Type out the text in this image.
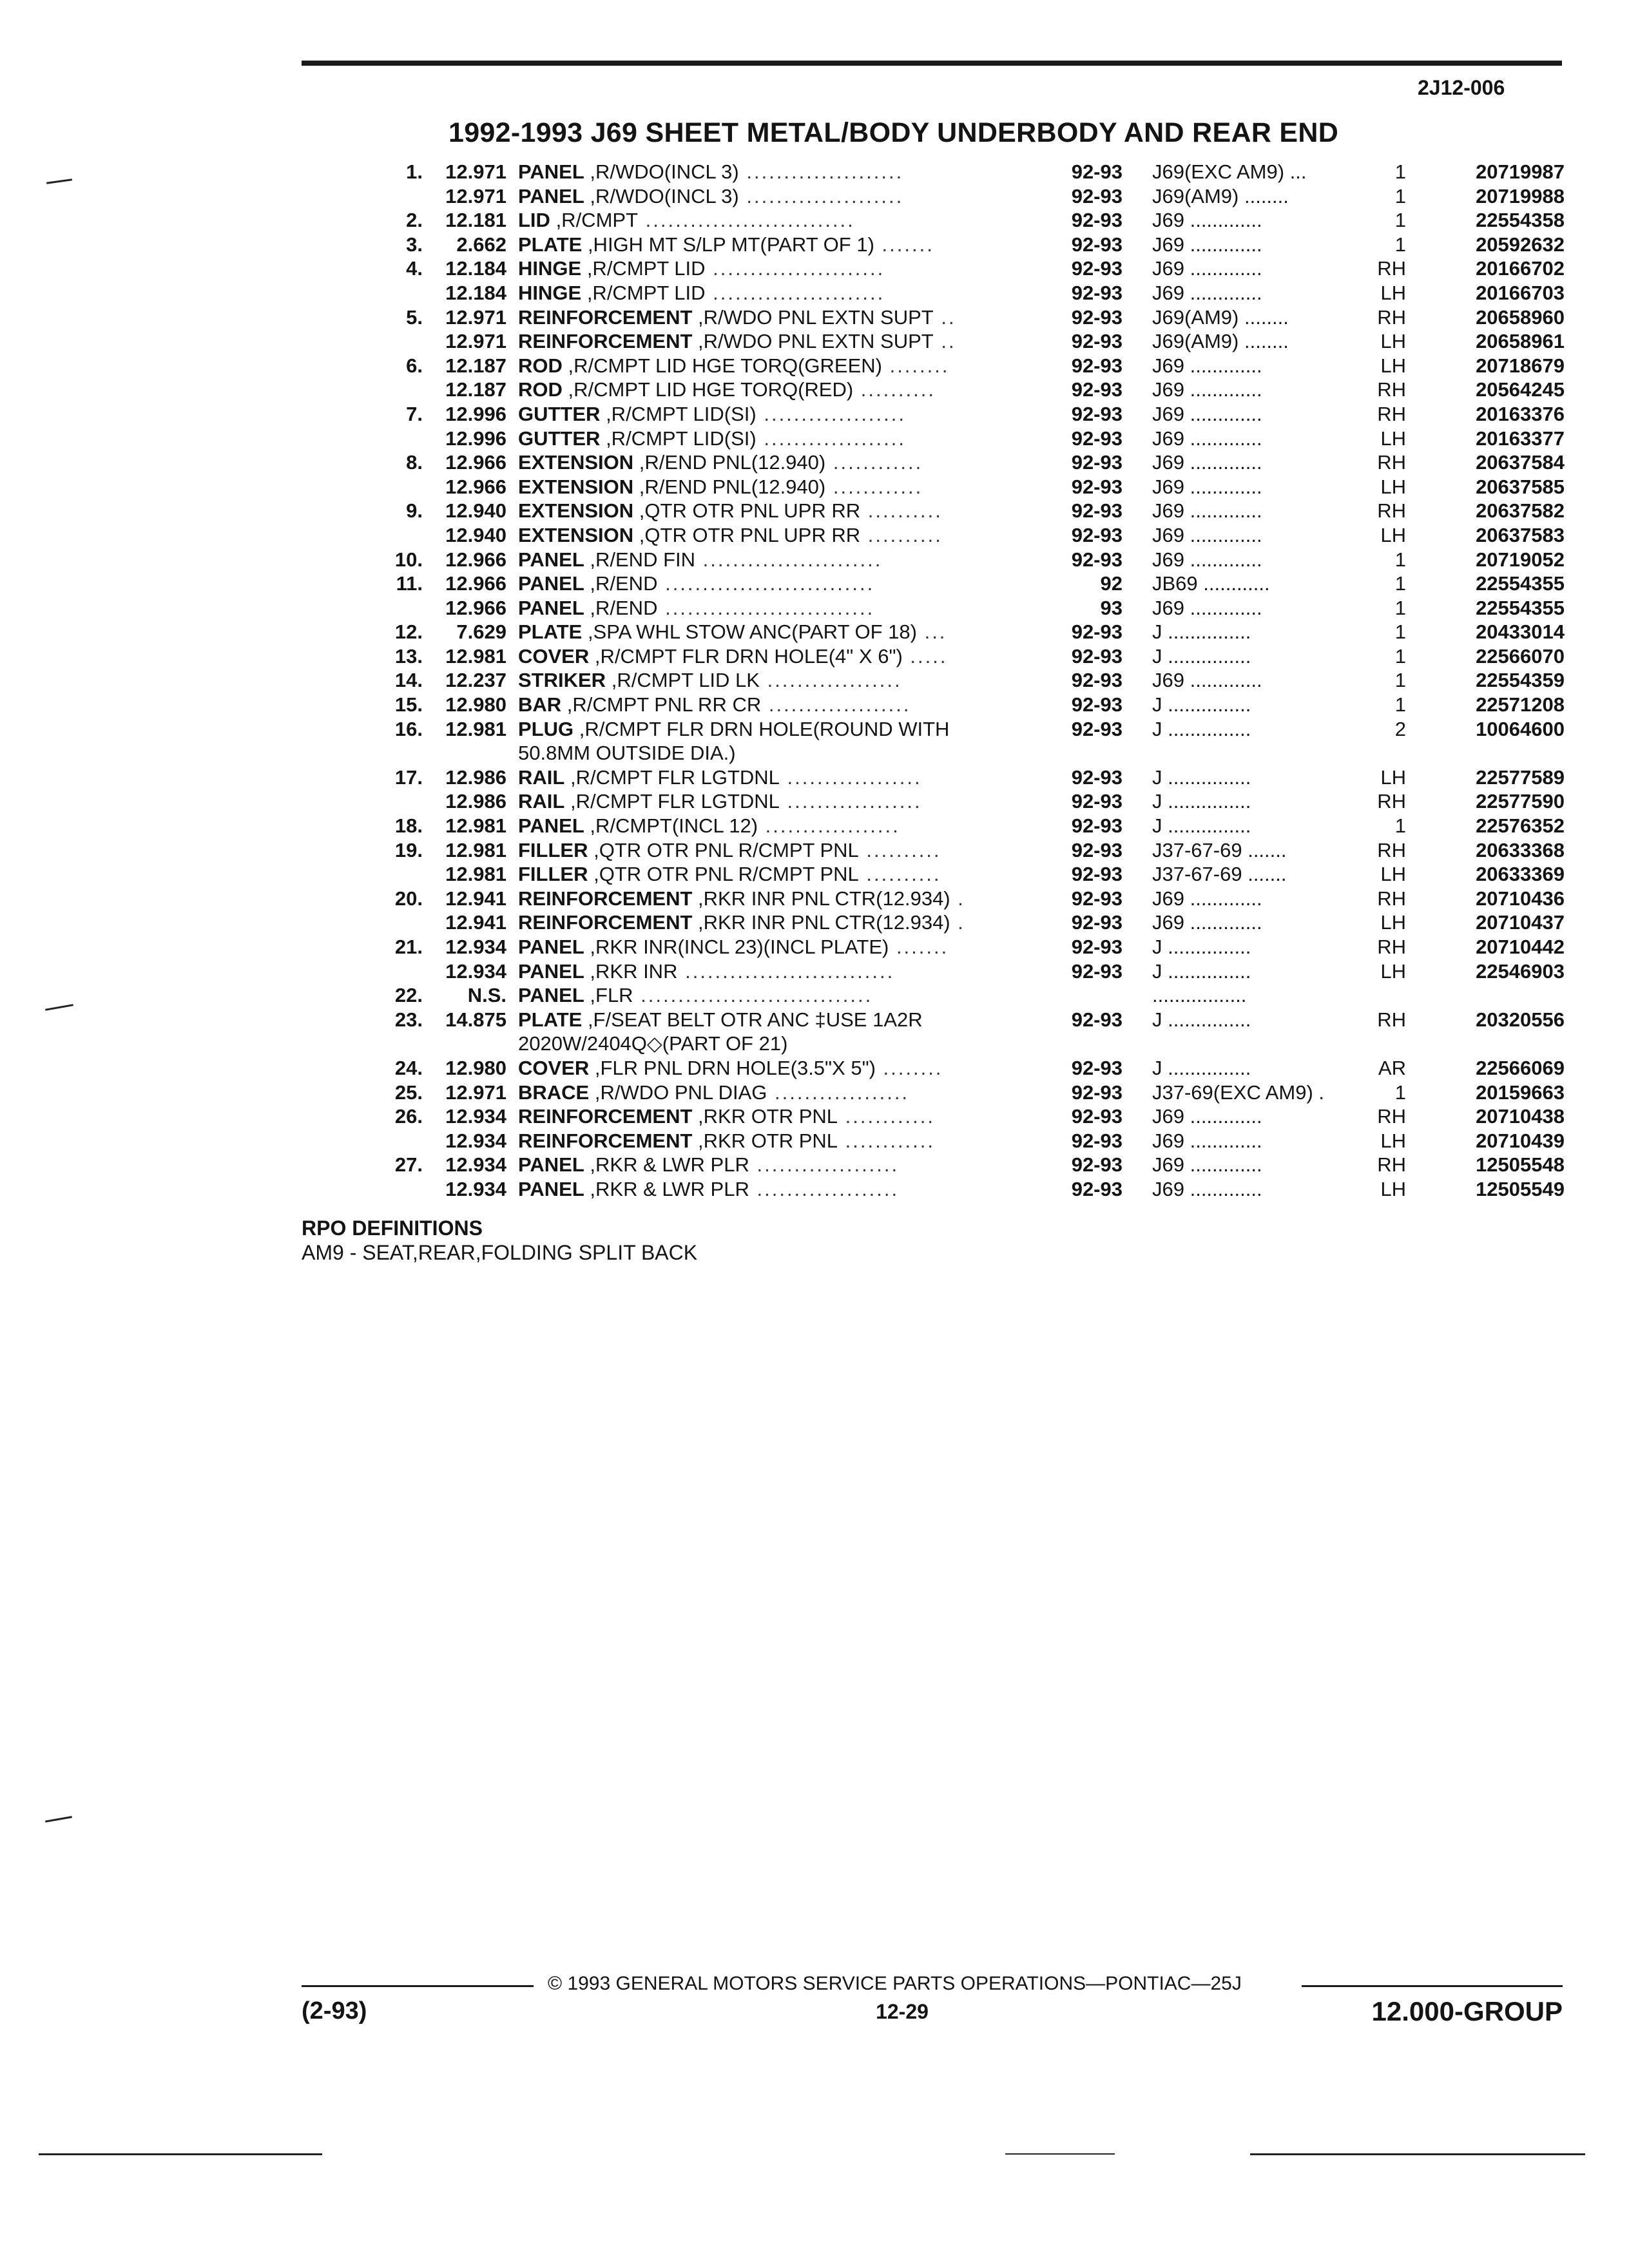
2J12-006
1992-1993 J69 SHEET METAL/BODY UNDERBODY AND REAR END
1.	12.971 PANEL ,R/WDO(INCL 3) .....................	92-93 J69(EXC AM9) ...	1	20719987
12.971 PANEL ,R/WDO(INCL 3) .....................	92-93 J69(AM9) ........	1	20719988
2.	12.181 LID ,R/CMPT ............................	92-93 J69 .............	1	22554358
3.	2.662 PLATE ,HIGH MT S/LP MT(PART OF 1) .......	92-93 J69 .............	1	20592632
4.	12.184 HINGE ,R/CMPT LID .......................	92-93 J69 .............	RH	20166702
12.184 HINGE ,R/CMPT LID .......................	92-93 J69 .............	LH	20166703
5.	12.971 REINFORCEMENT ,R/WDO PNL EXTN SUPT ..	92-93 J69(AM9) ........	RH	20658960
12.971 REINFORCEMENT ,R/WDO PNL EXTN SUPT ..	92-93 J69(AM9) ........	LH	20658961
6.	12.187 ROD ,R/CMPT LID HGE TORQ(GREEN) ........	92-93 J69 .............	LH	20718679
12.187 ROD ,R/CMPT LID HGE TORQ(RED) ..........	92-93 J69 .............	RH	20564245
7.	12.996 GUTTER ,R/CMPT LID(SI) ...................	92-93 J69 .............	RH	20163376
12.996 GUTTER ,R/CMPT LID(SI) ...................	92-93 J69 .............	LH	20163377
8.	12.966 EXTENSION ,R/END PNL(12.940) ............	92-93 J69 .............	RH	20637584
12.966 EXTENSION ,R/END PNL(12.940) ............	92-93 J69 .............	LH	20637585
9.	12.940 EXTENSION ,QTR OTR PNL UPR RR ..........	92-93 J69 .............	RH	20637582
12.940 EXTENSION ,QTR OTR PNL UPR RR ..........	92-93 J69 .............	LH	20637583
10.	12.966 PANEL ,R/END FIN ........................	92-93 J69 .............	1	20719052
11.	12.966 PANEL ,R/END ............................	92 JB69 ............	1	22554355
12.966 PANEL ,R/END ............................	93 J69 .............	1	22554355
12.	7.629 PLATE ,SPA WHL STOW ANC(PART OF 18) ...	92-93 J ...............	1	20433014
13.	12.981 COVER ,R/CMPT FLR DRN HOLE(4" X 6") .....	92-93 J ...............	1	22566070
14.	12.237 STRIKER ,R/CMPT LID LK ..................	92-93 J69 .............	1	22554359
15.	12.980 BAR ,R/CMPT PNL RR CR ...................	92-93 J ...............	1	22571208
16.	12.981 PLUG ,R/CMPT FLR DRN HOLE(ROUND WITH	92-93 J ...............	2	10064600
50.8MM OUTSIDE DIA.)
17.	12.986 RAIL ,R/CMPT FLR LGTDNL ..................	92-93 J ...............	LH	22577589
12.986 RAIL ,R/CMPT FLR LGTDNL ..................	92-93 J ...............	RH	22577590
18.	12.981 PANEL ,R/CMPT(INCL 12) ..................	92-93 J ...............	1	22576352
19.	12.981 FILLER ,QTR OTR PNL R/CMPT PNL ..........	92-93 J37-67-69 .......	RH	20633368
12.981 FILLER ,QTR OTR PNL R/CMPT PNL ..........	92-93 J37-67-69 .......	LH	20633369
20.	12.941 REINFORCEMENT ,RKR INR PNL CTR(12.934) .	92-93 J69 .............	RH	20710436
12.941 REINFORCEMENT ,RKR INR PNL CTR(12.934) .	92-93 J69 .............	LH	20710437
21.	12.934 PANEL ,RKR INR(INCL 23)(INCL PLATE) .......	92-93 J ...............	RH	20710442
12.934 PANEL ,RKR INR ............................	92-93 J ...............	LH	22546903
22.	N.S. PANEL ,FLR ...............................	.................
23.	14.875 PLATE ,F/SEAT BELT OTR ANC ‡USE 1A2R	92-93 J ...............	RH	20320556
2020W/2404Q◇(PART OF 21)
24.	12.980 COVER ,FLR PNL DRN HOLE(3.5"X 5") ........	92-93 J ...............	AR	22566069
25.	12.971 BRACE ,R/WDO PNL DIAG ..................	92-93 J37-69(EXC AM9) .	1	20159663
26.	12.934 REINFORCEMENT ,RKR OTR PNL ............	92-93 J69 .............	RH	20710438
12.934 REINFORCEMENT ,RKR OTR PNL ............	92-93 J69 .............	LH	20710439
27.	12.934 PANEL ,RKR & LWR PLR ...................	92-93 J69 .............	RH	12505548
12.934 PANEL ,RKR & LWR PLR ...................	92-93 J69 .............	LH	12505549
RPO DEFINITIONS
AM9 - SEAT,REAR,FOLDING SPLIT BACK
© 1993 GENERAL MOTORS SERVICE PARTS OPERATIONS—PONTIAC—25J
(2-93)	12-29	12.000-GROUP
